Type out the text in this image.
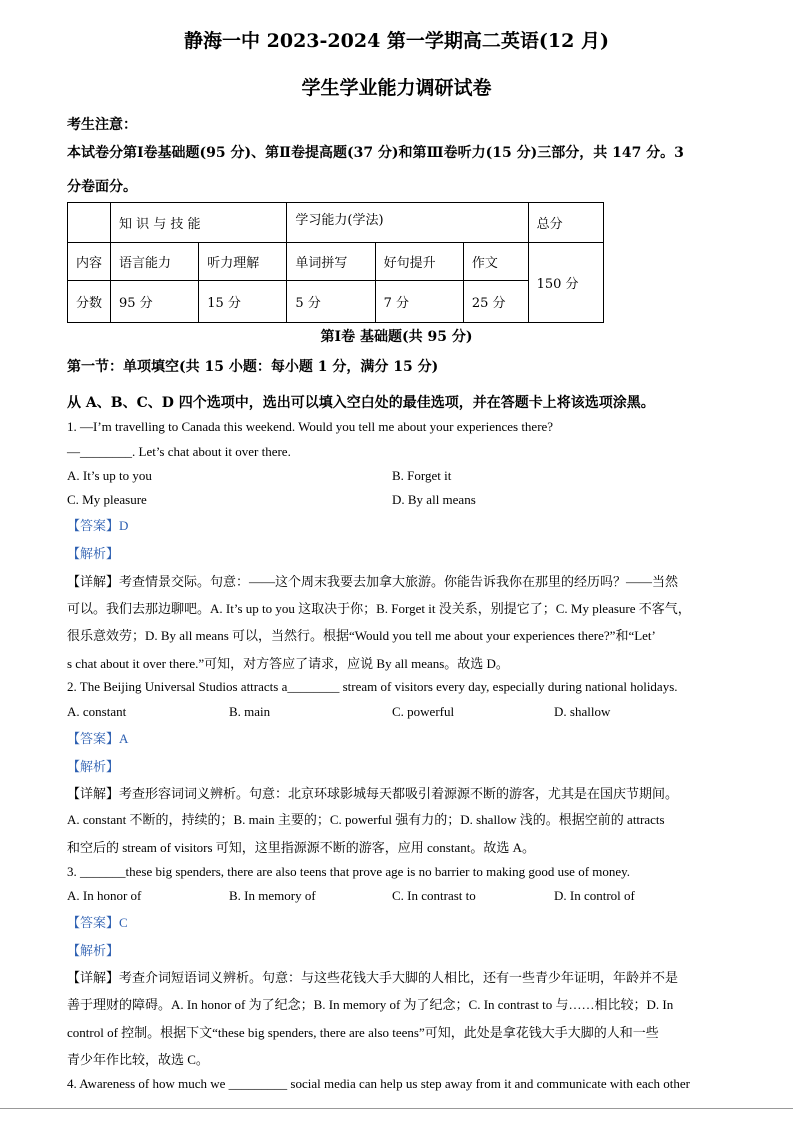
静海一中 2023-2024 第一学期高二英语(12 月)
学生学业能力调研试卷
考生注意：
本试卷分第Ⅰ卷基础题(95 分)、第Ⅱ卷提高题(37 分)和第Ⅲ卷听力(15 分)三部分，共 147 分。3
分卷面分。
	知 识 与 技 能		学习能力(学法)			总分
内容	语言能力	听力理解	单词拼写	好句提升	作文	150 分
分数	95 分	15 分	5 分	7 分	25 分	
第Ⅰ卷 基础题(共 95 分)
第一节：单项填空(共 15 小题：每小题 1 分，满分 15 分)
从 A、B、C、D 四个选项中，选出可以填入空白处的最佳选项，并在答题卡上将该选项涂黑。
1. —I’m travelling to Canada this weekend. Would you tell me about your experiences there?
—________. Let’s chat about it over there.
A. It’s up to you	B. Forget it
C. My pleasure	D. By all means
【答案】D
【解析】
【详解】考查情景交际。句意：——这个周末我要去加拿大旅游。你能告诉我你在那里的经历吗？——当然
可以。我们去那边聊吧。A. It’s up to you 这取决于你；B. Forget it 没关系，别提它了；C. My pleasure 不客气，
很乐意效劳；D. By all means 可以，当然行。根据“Would you tell me about your experiences there?”和“Let’
s chat about it over there.”可知，对方答应了请求，应说 By all means。故选 D。
2. The Beijing Universal Studios attracts a________ stream of visitors every day, especially during national holidays.
A. constant	B. main	C. powerful	D. shallow
【答案】A
【解析】
【详解】考查形容词词义辨析。句意：北京环球影城每天都吸引着源源不断的游客，尤其是在国庆节期间。
A. constant 不断的，持续的；B. main 主要的；C. powerful 强有力的；D. shallow 浅的。根据空前的 attracts
和空后的 stream of visitors 可知，这里指源源不断的游客，应用 constant。故选 A。
3. _______these big spenders, there are also teens that prove age is no barrier to making good use of money.
A. In honor of	B. In memory of	C. In contrast to	D. In control of
【答案】C
【解析】
【详解】考查介词短语词义辨析。句意：与这些花钱大手大脚的人相比，还有一些青少年证明，年龄并不是
善于理财的障碍。A. In honor of 为了纪念；B. In memory of 为了纪念；C. In contrast to 与……相比较；D. In
control of 控制。根据下文“these big spenders, there are also teens”可知，此处是拿花钱大手大脚的人和一些
青少年作比较，故选 C。
4. Awareness of how much we _________ social media can help us step away from it and communicate with each other
